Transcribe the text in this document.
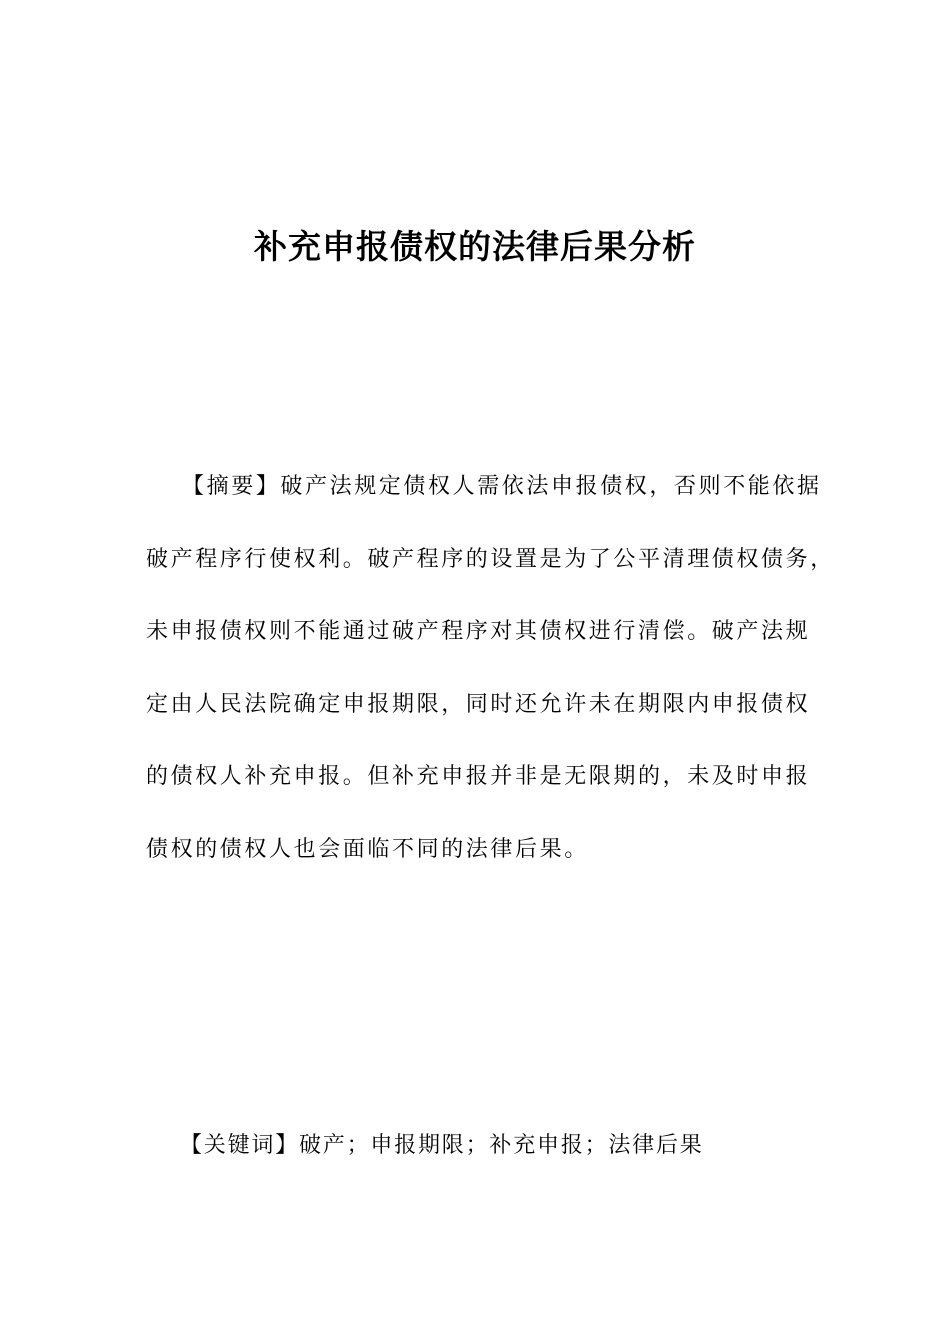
补充申报债权的法律后果分析
【摘要】破产法规定债权人需依法申报债权，否则不能依据
破产程序行使权利。破产程序的设置是为了公平清理债权债务，
未申报债权则不能通过破产程序对其债权进行清偿。破产法规
定由人民法院确定申报期限，同时还允许未在期限内申报债权
的债权人补充申报。但补充申报并非是无限期的，未及时申报
债权的债权人也会面临不同的法律后果。

【关键词】破产；申报期限；补充申报；法律后果
